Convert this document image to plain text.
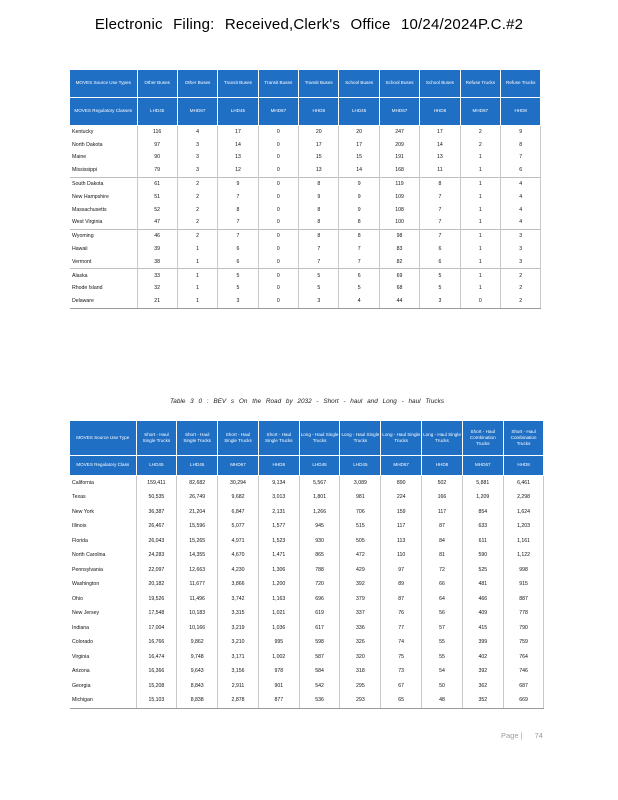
Electronic Filing: Received,Clerk's Office 10/24/2024P.C.#2
MOVES Source Use Types	Other Buses	Other Buses	Transit Buses	Transit Buses	Transit Buses	School Buses	School Buses	School Buses	Refuse Trucks	Refuse Trucks
MOVES Regulatory Classes	LHD45	MHD67	LHD45	MHD67	HHD8	LHD45	MHD67	HHD8	MHD67	HHD8
Kentucky	116	4	17	0	20	20	247	17	2	9
North Dakota	97	3	14	0	17	17	209	14	2	8
Maine	90	3	13	0	15	15	191	13	1	7
Mississippi	79	3	12	0	13	14	168	11	1	6
South Dakota	61	2	9	0	8	9	119	8	1	4
New Hampshire	51	2	7	0	9	9	109	7	1	4
Massachusetts	52	2	8	0	8	9	108	7	1	4
West Virginia	47	2	7	0	8	8	100	7	1	4
Wyoming	46	2	7	0	8	8	98	7	1	3
Hawaii	39	1	6	0	7	7	83	6	1	3
Vermont	38	1	6	0	7	7	82	6	1	3
Alaska	33	1	5	0	5	6	69	5	1	2
Rhode Island	32	1	5	0	5	5	68	5	1	2
Delaware	21	1	3	0	3	4	44	3	0	2
Table 3 0 : BEV s On the Road by 2032 - Short - haul and Long - haul Trucks
MOVES Source Use Type	Short - Haul Single Trucks	Short - Haul Single Trucks	Short - Haul Single Trucks	Short - Haul Single Trucks	Long - Haul Single Trucks	Long - Haul Single Trucks	Long - Haul Single Trucks	Long - Haul Single Trucks	Short - Haul Combination Trucks	Short - Haul Combination Trucks
MOVES Regulatory Class	LHD45	LHD45	MHD67	HHD8	LHD45	LHD45	MHD67	HHD8	MHD67	HHD8
California	159,411	82,682	30,294	9,134	5,567	3,089	890	502	5,881	6,461
Texas	50,535	26,749	9,682	3,013	1,801	981	224	166	1,209	2,298
New York	36,387	21,204	6,847	2,131	1,266	706	159	117	854	1,624
Illinois	26,467	15,596	5,077	1,577	945	515	117	87	633	1,203
Florida	26,043	15,265	4,971	1,523	930	505	113	84	611	1,161
North Carolina	24,283	14,355	4,670	1,471	865	472	110	81	590	1,122
Pennsylvania	22,097	12,663	4,230	1,306	788	429	97	72	525	998
Washington	20,182	11,677	3,866	1,200	720	392	89	66	481	915
Ohio	19,526	11,496	3,742	1,163	696	379	87	64	466	887
New Jersey	17,548	10,183	3,315	1,021	619	337	76	56	409	778
Indiana	17,004	10,166	3,219	1,036	617	336	77	57	415	790
Colorado	16,766	9,862	3,210	995	598	326	74	55	399	759
Virginia	16,474	9,748	3,171	1,002	587	320	75	55	402	764
Arizona	16,366	9,643	3,156	978	584	318	73	54	392	746
Georgia	15,208	8,843	2,911	901	542	295	67	50	362	687
Michigan	15,103	8,838	2,878	877	536	293	65	48	352	669
Page | 74
